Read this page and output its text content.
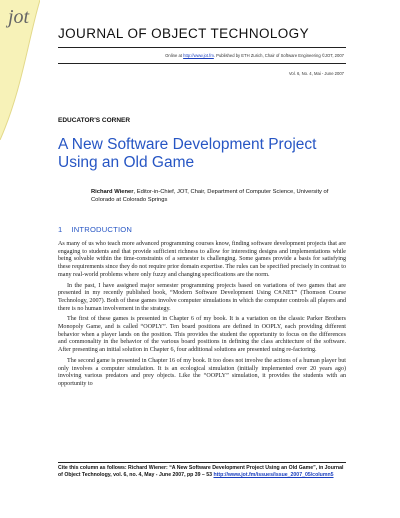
jot
JOURNAL OF OBJECT TECHNOLOGY
Online at http://www.jot.fm. Published by ETH Zurich, Chair of Software Engineering ©JOT, 2007
Vol. 6, No. 4, Mai - June 2007
EDUCATOR'S CORNER
A New Software Development Project Using an Old Game
Richard Wiener, Editor-in-Chief, JOT, Chair, Department of Computer Science, University of Colorado at Colorado Springs
1 INTRODUCTION

As many of us who teach more advanced programming courses know, finding software development projects that are engaging to students and that provide sufficient richness to allow for interesting designs and implementations while being solvable within the time-constraints of a semester is challenging. Some games provide a basis for satisfying these requirements since they do not require prior domain expertise. The rules can be specified precisely in contrast to many real-world problems where only fuzzy and changing specifications are the norm.

In the past, I have assigned major semester programming projects based on variations of two games that are presented in my recently published book, “Modern Software Development Using C#.NET” (Thomson Course Technology, 2007). Both of these games involve computer simulations in which the computer controls all players and there is no human involvement in the strategy.

The first of these games is presented in Chapter 6 of my book. It is a variation on the classic Parker Brothers Monopoly Game, and is called “OOPLY”. Ten board positions are defined in OOPLY, each providing different behavior when a player lands on the position. This provides the student the opportunity to focus on the differences and commonality in the behavior of the various board positions in defining the class architecture of the software. After presenting an initial solution in Chapter 6, four additional solutions are presented using re-factoring.

The second game is presented in Chapter 16 of my book. It too does not involve the actions of a human player but only involves a computer simulation. It is an ecological simulation (initially implemented over 20 years ago) involving various predators and prey objects. Like the “OOPLY” simulation, it provides the students with an opportunity to

Cite this column as follows: Richard Wiener: “A New Software Development Project Using an Old Game”, in Journal of Object Technology, vol. 6, no. 4, May - June 2007, pp 39 – 53 http://www.jot.fm/issues/issue_2007_05/column5
